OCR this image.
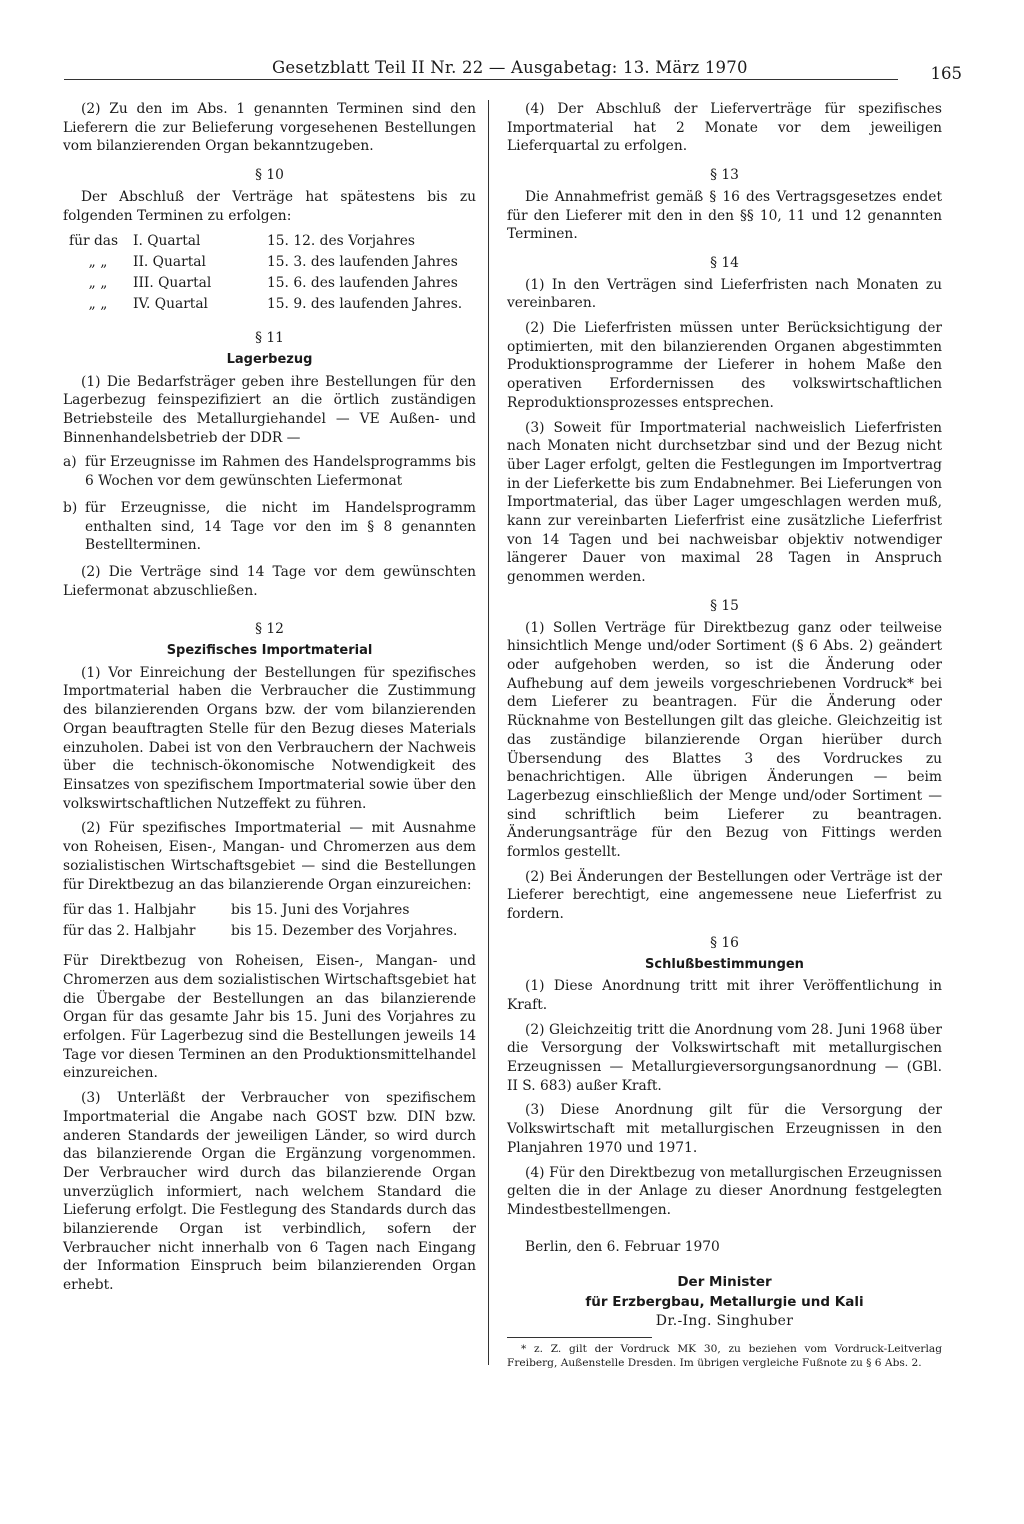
Gesetzblatt Teil II Nr. 22 — Ausgabetag: 13. März 1970	165

(2) Zu den im Abs. 1 genannten Terminen sind den Lieferern die zur Belieferung vorgesehenen Bestellungen vom bilanzierenden Organ bekanntzugeben.

§ 10

Der Abschluß der Verträge hat spätestens bis zu folgenden Terminen zu erfolgen:

für das	I. Quartal	15. 12. des Vorjahres
„ „	II. Quartal	15. 3. des laufenden Jahres
„ „	III. Quartal	15. 6. des laufenden Jahres
„ „	IV. Quartal	15. 9. des laufenden Jahres.

§ 11

Lagerbezug

(1) Die Bedarfsträger geben ihre Bestellungen für den Lagerbezug feinspezifiziert an die örtlich zuständigen Betriebsteile des Metallurgiehandel — VE Außen- und Binnenhandelsbetrieb der DDR —

a) für Erzeugnisse im Rahmen des Handelsprogramms bis 6 Wochen vor dem gewünschten Liefermonat
b) für Erzeugnisse, die nicht im Handelsprogramm enthalten sind, 14 Tage vor den im § 8 genannten Bestellterminen.

(2) Die Verträge sind 14 Tage vor dem gewünschten Liefermonat abzuschließen.

§ 12

Spezifisches Importmaterial

(1) Vor Einreichung der Bestellungen für spezifisches Importmaterial haben die Verbraucher die Zustimmung des bilanzierenden Organs bzw. der vom bilanzierenden Organ beauftragten Stelle für den Bezug dieses Materials einzuholen. Dabei ist von den Verbrauchern der Nachweis über die technisch-ökonomische Notwendigkeit des Einsatzes von spezifischem Importmaterial sowie über den volkswirtschaftlichen Nutzeffekt zu führen.

(2) Für spezifisches Importmaterial — mit Ausnahme von Roheisen, Eisen-, Mangan- und Chromerzen aus dem sozialistischen Wirtschaftsgebiet — sind die Bestellungen für Direktbezug an das bilanzierende Organ einzureichen:

für das 1. Halbjahr	bis 15. Juni des Vorjahres
für das 2. Halbjahr	bis 15. Dezember des Vorjahres.

Für Direktbezug von Roheisen, Eisen-, Mangan- und Chromerzen aus dem sozialistischen Wirtschaftsgebiet hat die Übergabe der Bestellungen an das bilanzierende Organ für das gesamte Jahr bis 15. Juni des Vorjahres zu erfolgen. Für Lagerbezug sind die Bestellungen jeweils 14 Tage vor diesen Terminen an den Produktionsmittelhandel einzureichen.

(3) Unterläßt der Verbraucher von spezifischem Importmaterial die Angabe nach GOST bzw. DIN bzw. anderen Standards der jeweiligen Länder, so wird durch das bilanzierende Organ die Ergänzung vorgenommen. Der Verbraucher wird durch das bilanzierende Organ unverzüglich informiert, nach welchem Standard die Lieferung erfolgt. Die Festlegung des Standards durch das bilanzierende Organ ist verbindlich, sofern der Verbraucher nicht innerhalb von 6 Tagen nach Eingang der Information Einspruch beim bilanzierenden Organ erhebt.

(4) Der Abschluß der Lieferverträge für spezifisches Importmaterial hat 2 Monate vor dem jeweiligen Lieferquartal zu erfolgen.

§ 13

Die Annahmefrist gemäß § 16 des Vertragsgesetzes endet für den Lieferer mit den in den §§ 10, 11 und 12 genannten Terminen.

§ 14

(1) In den Verträgen sind Lieferfristen nach Monaten zu vereinbaren.

(2) Die Lieferfristen müssen unter Berücksichtigung der optimierten, mit den bilanzierenden Organen abgestimmten Produktionsprogramme der Lieferer in hohem Maße den operativen Erfordernissen des volkswirtschaftlichen Reproduktionsprozesses entsprechen.

(3) Soweit für Importmaterial nachweislich Lieferfristen nach Monaten nicht durchsetzbar sind und der Bezug nicht über Lager erfolgt, gelten die Festlegungen im Importvertrag in der Lieferkette bis zum Endabnehmer. Bei Lieferungen von Importmaterial, das über Lager umgeschlagen werden muß, kann zur vereinbarten Lieferfrist eine zusätzliche Lieferfrist von 14 Tagen und bei nachweisbar objektiv notwendiger längerer Dauer von maximal 28 Tagen in Anspruch genommen werden.

§ 15

(1) Sollen Verträge für Direktbezug ganz oder teilweise hinsichtlich Menge und/oder Sortiment (§ 6 Abs. 2) geändert oder aufgehoben werden, so ist die Änderung oder Aufhebung auf dem jeweils vorgeschriebenen Vordruck* bei dem Lieferer zu beantragen. Für die Änderung oder Rücknahme von Bestellungen gilt das gleiche. Gleichzeitig ist das zuständige bilanzierende Organ hierüber durch Übersendung des Blattes 3 des Vordruckes zu benachrichtigen. Alle übrigen Änderungen — beim Lagerbezug einschließlich der Menge und/oder Sortiment — sind schriftlich beim Lieferer zu beantragen. Änderungsanträge für den Bezug von Fittings werden formlos gestellt.

(2) Bei Änderungen der Bestellungen oder Verträge ist der Lieferer berechtigt, eine angemessene neue Lieferfrist zu fordern.

§ 16

Schlußbestimmungen

(1) Diese Anordnung tritt mit ihrer Veröffentlichung in Kraft.

(2) Gleichzeitig tritt die Anordnung vom 28. Juni 1968 über die Versorgung der Volkswirtschaft mit metallurgischen Erzeugnissen — Metallurgieversorgungsanordnung — (GBl. II S. 683) außer Kraft.

(3) Diese Anordnung gilt für die Versorgung der Volkswirtschaft mit metallurgischen Erzeugnissen in den Planjahren 1970 und 1971.

(4) Für den Direktbezug von metallurgischen Erzeugnissen gelten die in der Anlage zu dieser Anordnung festgelegten Mindestbestellmengen.

Berlin, den 6. Februar 1970

Der Minister

für Erzbergbau, Metallurgie und Kali

Dr.-Ing. Singhuber

* z. Z. gilt der Vordruck MK 30, zu beziehen vom Vordruck-Leitverlag Freiberg, Außenstelle Dresden. Im übrigen vergleiche Fußnote zu § 6 Abs. 2.
